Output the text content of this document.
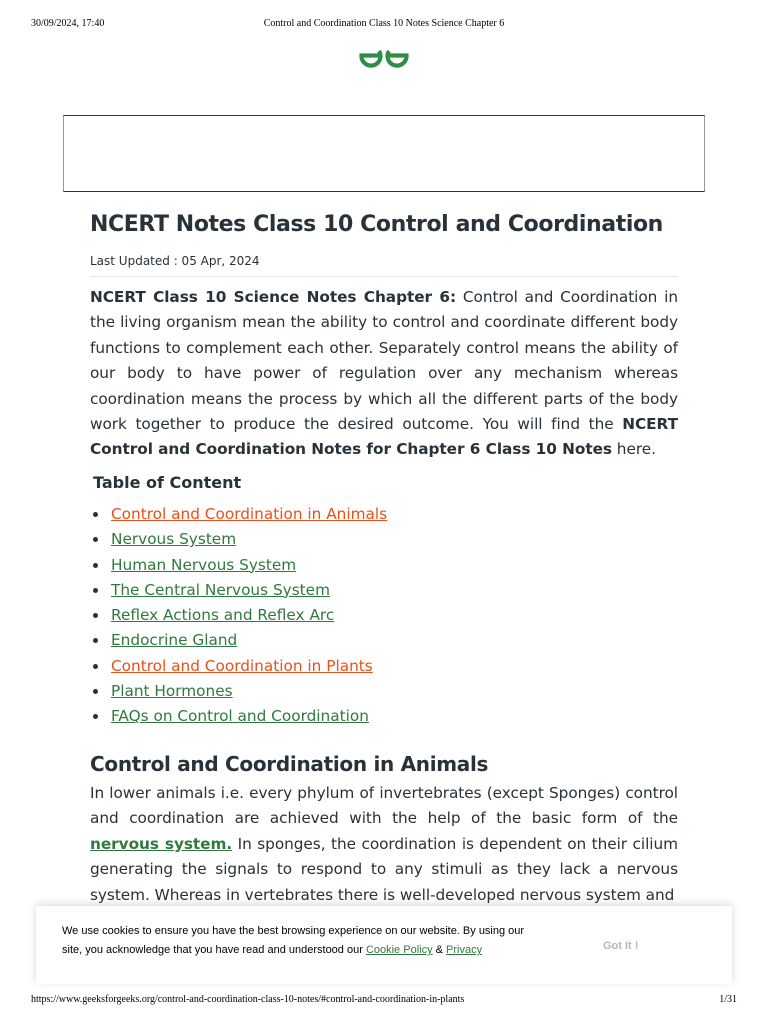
30/09/2024, 17:40	Control and Coordination Class 10 Notes Science Chapter 6
NCERT Notes Class 10 Control and Coordination
Last Updated : 05 Apr, 2024

NCERT Class 10 Science Notes Chapter 6: Control and Coordination in the living organism mean the ability to control and coordinate different body functions to complement each other. Separately control means the ability of our body to have power of regulation over any mechanism whereas coordination means the process by which all the different parts of the body work together to produce the desired outcome. You will find the NCERT Control and Coordination Notes for Chapter 6 Class 10 Notes here.

Table of Content
Control and Coordination in Animals
Nervous System
Human Nervous System
The Central Nervous System
Reflex Actions and Reflex Arc
Endocrine Gland
Control and Coordination in Plants
Plant Hormones
FAQs on Control and Coordination
Control and Coordination in Animals

In lower animals i.e. every phylum of invertebrates (except Sponges) control and coordination are achieved with the help of the basic form of the nervous system. In sponges, the coordination is dependent on their cilium generating the signals to respond to any stimuli as they lack a nervous system. Whereas in vertebrates there is well-developed nervous system and

We use cookies to ensure you have the best browsing experience on our website. By using our site, you acknowledge that you have read and understood our Cookie Policy & Privacy	Got It !
https://www.geeksforgeeks.org/control-and-coordination-class-10-notes/#control-and-coordination-in-plants	1/31
